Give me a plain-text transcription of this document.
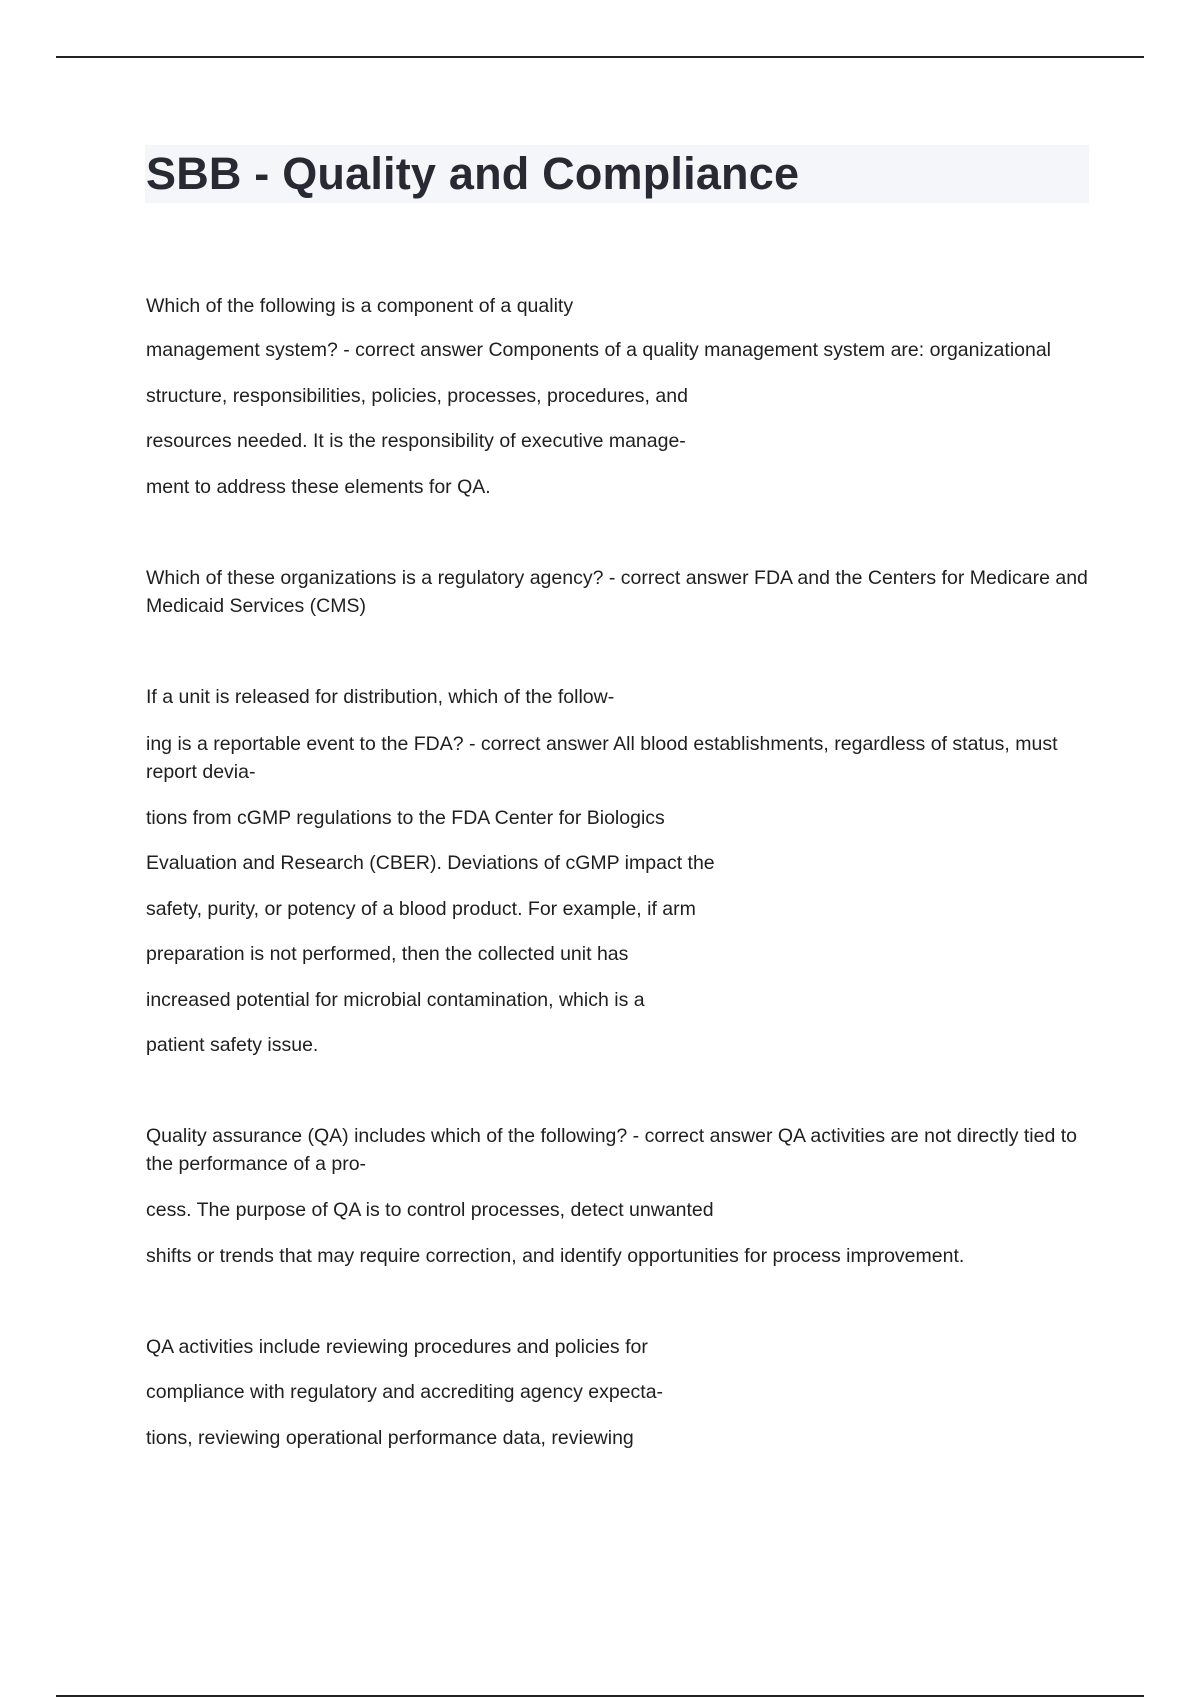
SBB - Quality and Compliance
Which of the following is a component of a quality
management system? - correct answer Components of a quality management system are: organizational
structure, responsibilities, policies, processes, procedures, and
resources needed. It is the responsibility of executive manage-
ment to address these elements for QA.
Which of these organizations is a regulatory agency? - correct answer FDA and the Centers for Medicare and Medicaid Services (CMS)
If a unit is released for distribution, which of the follow-
ing is a reportable event to the FDA? - correct answer All blood establishments, regardless of status, must report devia-
tions from cGMP regulations to the FDA Center for Biologics
Evaluation and Research (CBER). Deviations of cGMP impact the
safety, purity, or potency of a blood product. For example, if arm
preparation is not performed, then the collected unit has
increased potential for microbial contamination, which is a
patient safety issue.
Quality assurance (QA) includes which of the following? - correct answer QA activities are not directly tied to the performance of a pro-
cess. The purpose of QA is to control processes, detect unwanted
shifts or trends that may require correction, and identify opportunities for process improvement.
QA activities include reviewing procedures and policies for
compliance with regulatory and accrediting agency expecta-
tions, reviewing operational performance data, reviewing
